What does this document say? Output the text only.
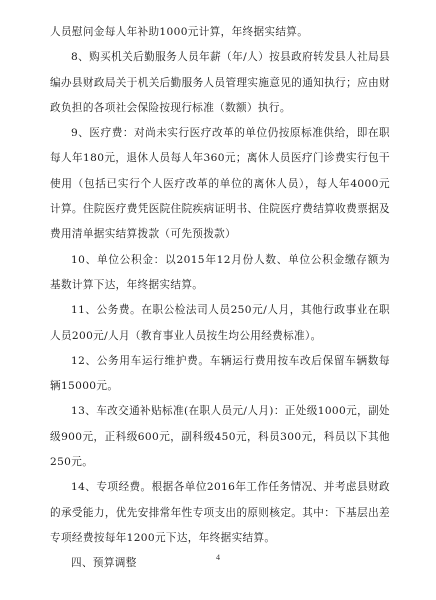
人员慰问金每人年补助1000元计算，年终据实结算。

8、购买机关后勤服务人员年薪（年/人）按县政府转发县人社局县编办县财政局关于机关后勤服务人员管理实施意见的通知执行；应由财政负担的各项社会保险按现行标准（数额）执行。

9、医疗费：对尚未实行医疗改革的单位仍按原标准供给，即在职每人年180元，退休人员每人年360元；离休人员医疗门诊费实行包干使用（包括已实行个人医疗改革的单位的离休人员），每人年4000元计算。住院医疗费凭医院住院疾病证明书、住院医疗费结算收费票据及费用清单据实结算拨款（可先预拨款）

10、单位公积金：以2015年12月份人数、单位公积金缴存额为基数计算下达，年终据实结算。

11、公务费。在职公检法司人员250元/人月，其他行政事业在职人员200元/人月（教育事业人员按生均公用经费标准）。

12、公务用车运行维护费。车辆运行费用按车改后保留车辆数每辆15000元。

13、车改交通补贴标准(在职人员元/人月)：正处级1000元，副处级900元，正科级600元，副科级450元，科员300元，科员以下其他250元。

14、专项经费。根据各单位2016年工作任务情况、并考虑县财政的承受能力，优先安排常年性专项支出的原则核定。其中：下基层出差专项经费按每年1200元下达，年终据实结算。

四、预算调整	4
